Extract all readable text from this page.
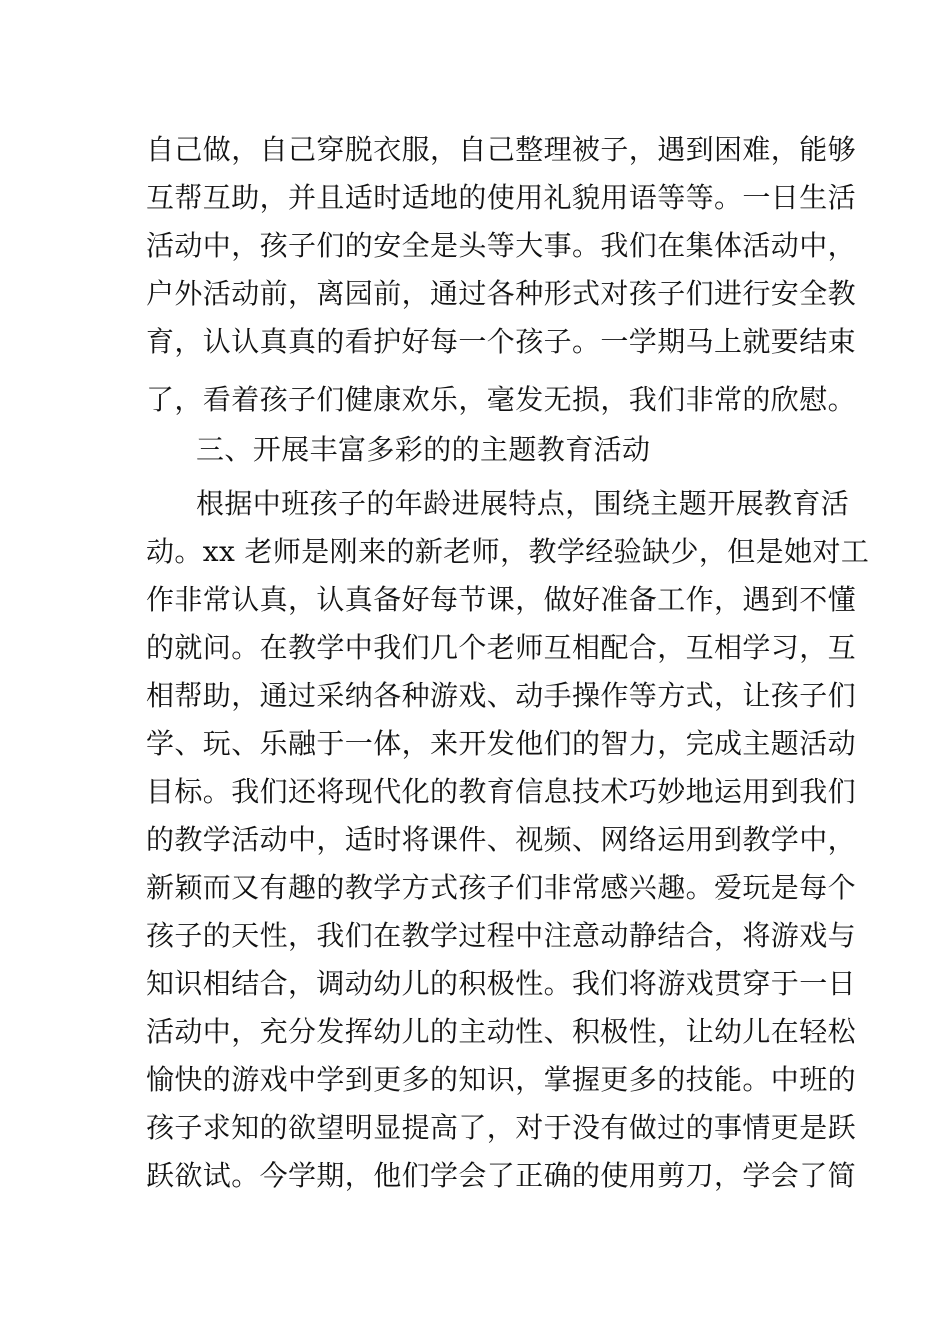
自己做，自己穿脱衣服，自己整理被子，遇到困难，能够
互帮互助，并且适时适地的使用礼貌用语等等。一日生活
活动中，孩子们的安全是头等大事。我们在集体活动中，
户外活动前，离园前，通过各种形式对孩子们进行安全教
育，认认真真的看护好每一个孩子。一学期马上就要结束
了，看着孩子们健康欢乐，毫发无损，我们非常的欣慰。
三、开展丰富多彩的的主题教育活动
根据中班孩子的年龄进展特点，围绕主题开展教育活
动。xx 老师是刚来的新老师，教学经验缺少，但是她对工
作非常认真，认真备好每节课，做好准备工作，遇到不懂
的就问。在教学中我们几个老师互相配合，互相学习，互
相帮助，通过采纳各种游戏、动手操作等方式，让孩子们
学、玩、乐融于一体，来开发他们的智力，完成主题活动
目标。我们还将现代化的教育信息技术巧妙地运用到我们
的教学活动中，适时将课件、视频、网络运用到教学中，
新颖而又有趣的教学方式孩子们非常感兴趣。爱玩是每个
孩子的天性，我们在教学过程中注意动静结合，将游戏与
知识相结合，调动幼儿的积极性。我们将游戏贯穿于一日
活动中，充分发挥幼儿的主动性、积极性，让幼儿在轻松
愉快的游戏中学到更多的知识，掌握更多的技能。中班的
孩子求知的欲望明显提高了，对于没有做过的事情更是跃
跃欲试。今学期，他们学会了正确的使用剪刀，学会了简
